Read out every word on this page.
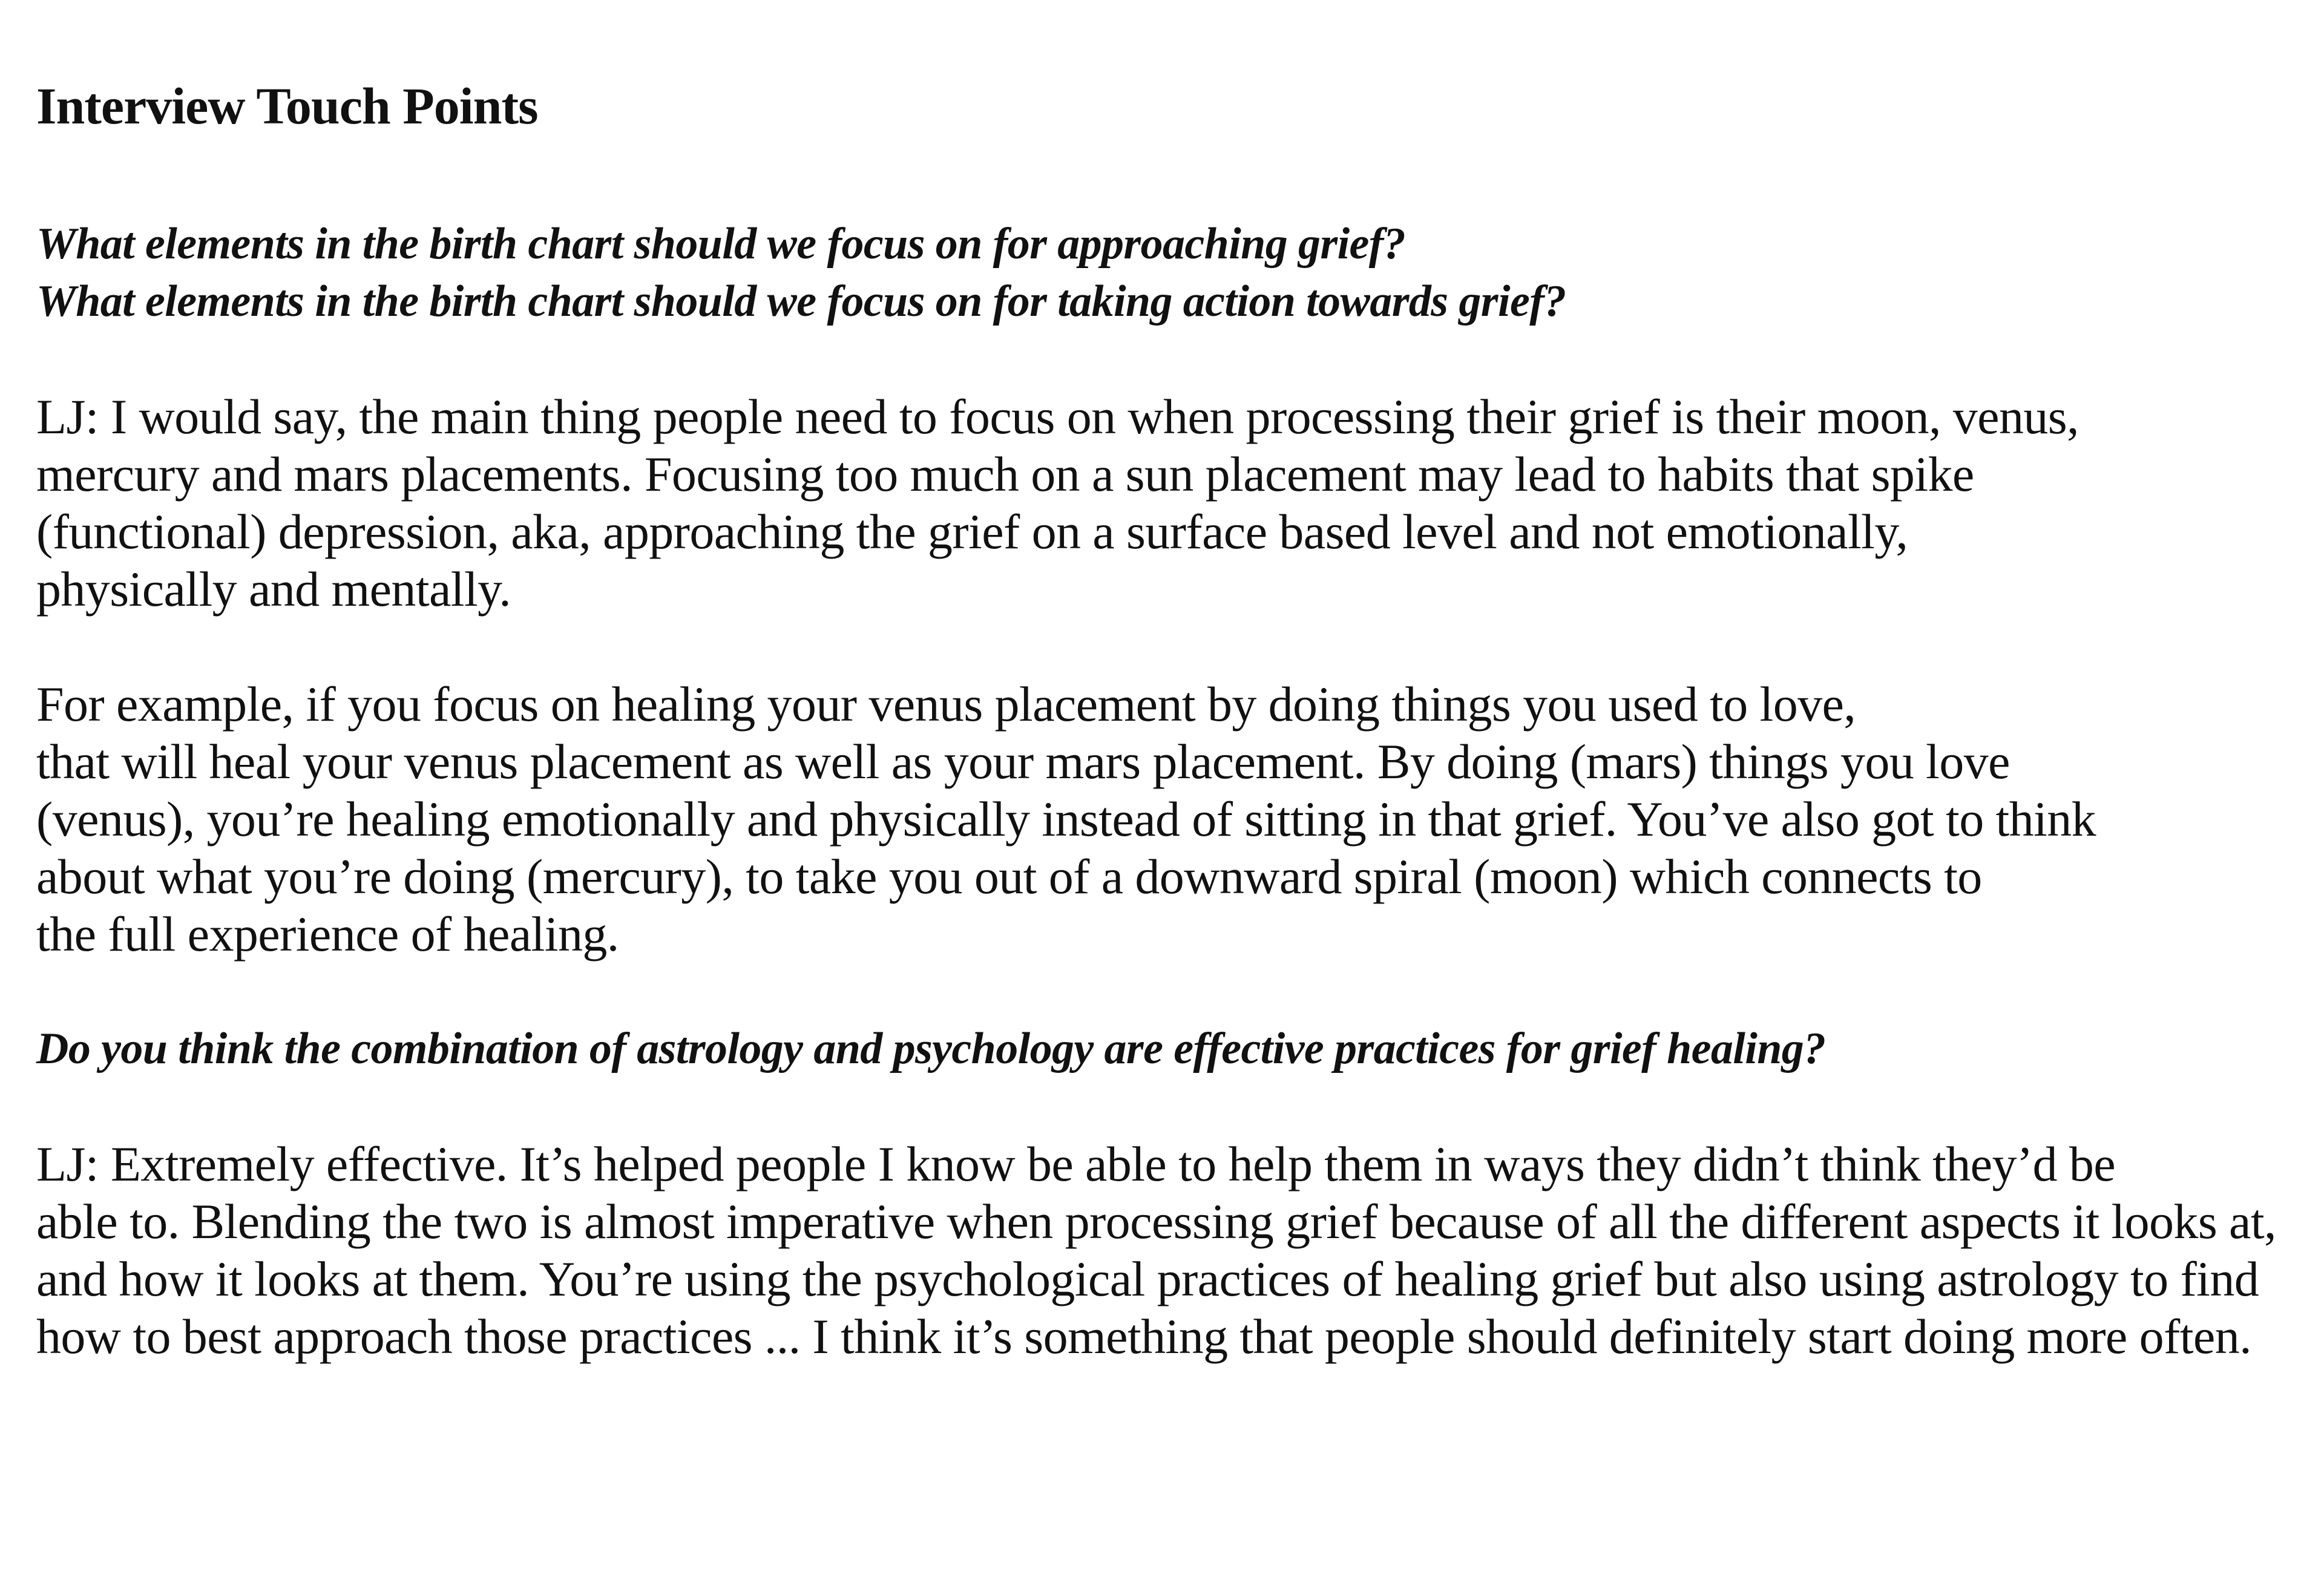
Interview Touch Points

What elements in the birth chart should we focus on for approaching grief?
What elements in the birth chart should we focus on for taking action towards grief?

LJ: I would say, the main thing people need to focus on when processing their grief is their moon, venus,
mercury and mars placements. Focusing too much on a sun placement may lead to habits that spike
(functional) depression, aka, approaching the grief on a surface based level and not emotionally,
physically and mentally.

For example, if you focus on healing your venus placement by doing things you used to love,
that will heal your venus placement as well as your mars placement. By doing (mars) things you love
(venus), you’re healing emotionally and physically instead of sitting in that grief. You’ve also got to think
about what you’re doing (mercury), to take you out of a downward spiral (moon) which connects to
the full experience of healing.

Do you think the combination of astrology and psychology are effective practices for grief healing?

LJ: Extremely effective. It’s helped people I know be able to help them in ways they didn’t think they’d be
able to. Blending the two is almost imperative when processing grief because of all the different aspects it looks at,
and how it looks at them. You’re using the psychological practices of healing grief but also using astrology to find
how to best approach those practices ... I think it’s something that people should definitely start doing more often.
